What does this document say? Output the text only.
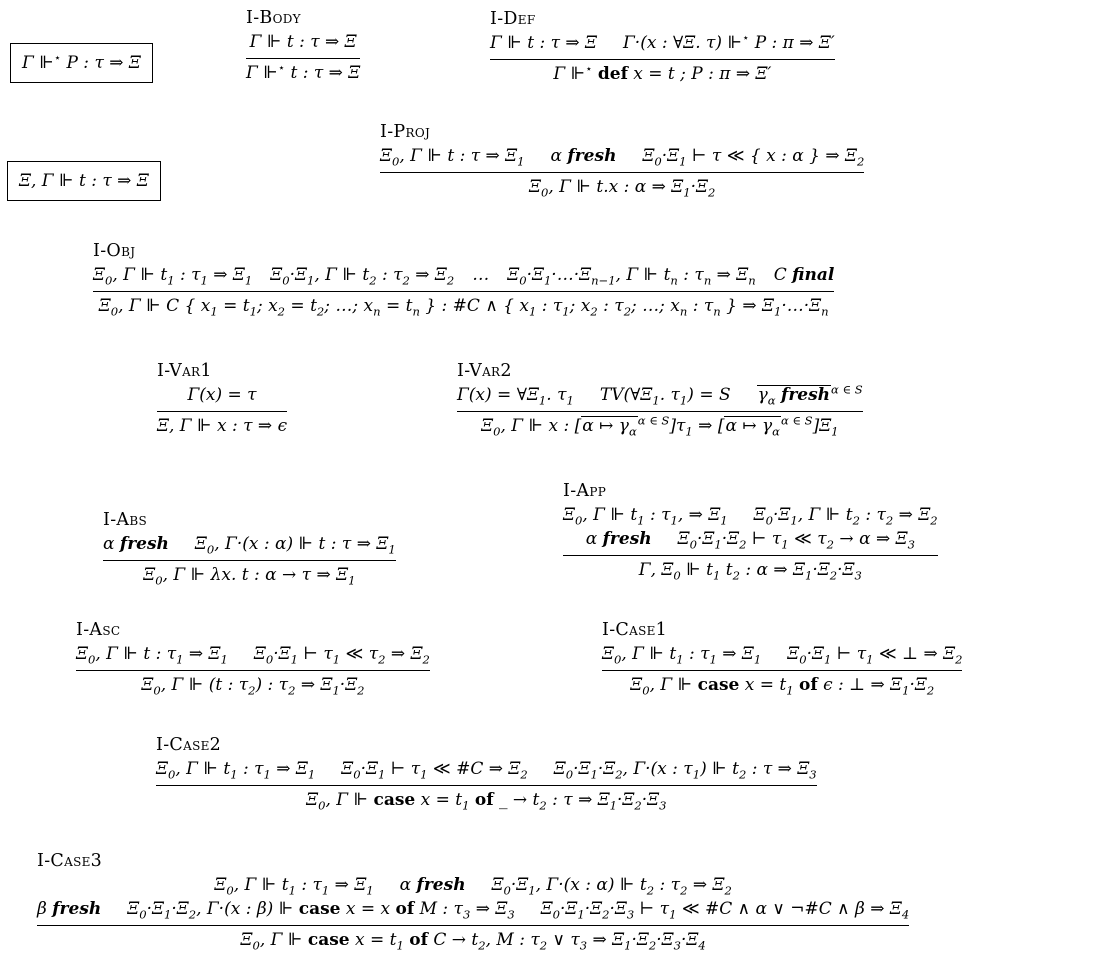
Γ ⊩⋆ P : τ ⇒ Ξ
Ξ, Γ ⊩ t : τ ⇒ Ξ
I-Body
Γ ⊩ t : τ ⇒ Ξ
Γ ⊩⋆ t : τ ⇒ Ξ
I-Def
Γ ⊩ t : τ ⇒ Ξ Γ·(x : ∀Ξ. τ) ⊩⋆ P : π ⇒ Ξ′
Γ ⊩⋆ def x = t ; P : π ⇒ Ξ′
I-Proj
$\Xi_0$, Γ ⊩ t : τ ⇒ $\Xi_1$ α fresh $\Xi_0\cdot\Xi_1$ ⊢ τ ≪ { x : α } ⇒ $\Xi_2$
$\Xi_0$, Γ ⊩ t.x : α ⇒ $\Xi_1\cdot\Xi_2$
I-Obj
$\Xi_0$, Γ ⊩ $t_1$ : $\tau_1$ ⇒ $\Xi_1$ $\Xi_0\cdot\Xi_1$, Γ ⊩ $t_2$ : $\tau_2$ ⇒ $\Xi_2$ … $\Xi_0\cdot\Xi_1\cdot\dots\cdot\Xi_{n-1}$, Γ ⊩ $t_n$ : $\tau_n$ ⇒ $\Xi_n$ C final
$\Xi_0$, Γ ⊩ C { $x_1 = t_1$; $x_2 = t_2$; …; $x_n = t_n$ } : #C ∧ { $x_1$ : $\tau_1$; $x_2$ : $\tau_2$; …; $x_n$ : $\tau_n$ } ⇒ $\Xi_1\cdot\dots\cdot\Xi_n$
I-Var1
Γ(x) = τ
Ξ, Γ ⊩ x : τ ⇒ ϵ
I-Var2
$\Gamma(x) = \forall\Xi_1$. $\tau_1$ $TV(\forall\Xi_1$. $\tau_1) = S$ $\gamma_\alpha$ fresh$^{\alpha \in S}$
$\Xi_0$, Γ ⊩ x : [α ↦ $\gamma_\alpha^{\alpha \in S}]\tau_1$ ⇒ [α ↦ $\gamma_\alpha^{\alpha \in S}]\Xi_1$
I-Abs
α fresh $\Xi_0$, Γ·(x : α) ⊩ t : τ ⇒ $\Xi_1$
$\Xi_0$, Γ ⊩ λx. t : α → τ ⇒ $\Xi_1$
I-App
$\Xi_0$, Γ ⊩ $t_1$ : $\tau_1$, ⇒ $\Xi_1$ $\Xi_0\cdot\Xi_1$, Γ ⊩ $t_2$ : $\tau_2$ ⇒ $\Xi_2$
α fresh $\Xi_0\cdot\Xi_1\cdot\Xi_2$ ⊢ $\tau_1$ ≪ $\tau_2 \to \alpha$ ⇒ $\Xi_3$
Γ, $\Xi_0$ ⊩ $t_1$ $t_2$ : α ⇒ $\Xi_1\cdot\Xi_2\cdot\Xi_3$
I-Asc
$\Xi_0$, Γ ⊩ t : $\tau_1$ ⇒ $\Xi_1$ $\Xi_0\cdot\Xi_1$ ⊢ $\tau_1$ ≪ $\tau_2$ ⇒ $\Xi_2$
$\Xi_0$, Γ ⊩ (t : $\tau_2$) : $\tau_2$ ⇒ $\Xi_1\cdot\Xi_2$
I-Case1
$\Xi_0$, Γ ⊩ $t_1$ : $\tau_1$ ⇒ $\Xi_1$ $\Xi_0\cdot\Xi_1$ ⊢ $\tau_1$ ≪ ⊥ ⇒ $\Xi_2$
$\Xi_0$, Γ ⊩ case $x = t_1$ of ϵ : ⊥ ⇒ $\Xi_1\cdot\Xi_2$
I-Case2
$\Xi_0$, Γ ⊩ $t_1$ : $\tau_1$ ⇒ $\Xi_1$ $\Xi_0\cdot\Xi_1$ ⊢ $\tau_1$ ≪ #C ⇒ $\Xi_2$ $\Xi_0\cdot\Xi_1\cdot\Xi_2$, Γ·(x : $\tau_1$) ⊩ $t_2$ : τ ⇒ $\Xi_3$
$\Xi_0$, Γ ⊩ case $x = t_1$ of _ → $t_2$ : τ ⇒ $\Xi_1\cdot\Xi_2\cdot\Xi_3$
I-Case3
$\Xi_0$, Γ ⊩ $t_1$ : $\tau_1$ ⇒ $\Xi_1$ α fresh $\Xi_0\cdot\Xi_1$, Γ·(x : α) ⊩ $t_2$ : $\tau_2$ ⇒ $\Xi_2$
β fresh $\Xi_0\cdot\Xi_1\cdot\Xi_2$, Γ·(x : β) ⊩ case x = x of M : $\tau_3$ ⇒ $\Xi_3$ $\Xi_0\cdot\Xi_1\cdot\Xi_2\cdot\Xi_3$ ⊢ $\tau_1$ ≪ #C ∧ α ∨ ¬#C ∧ β ⇒ $\Xi_4$
$\Xi_0$, Γ ⊩ case $x = t_1$ of $C \to t_2$, M : $\tau_2$ ∨ $\tau_3$ ⇒ $\Xi_1\cdot\Xi_2\cdot\Xi_3\cdot\Xi_4$
